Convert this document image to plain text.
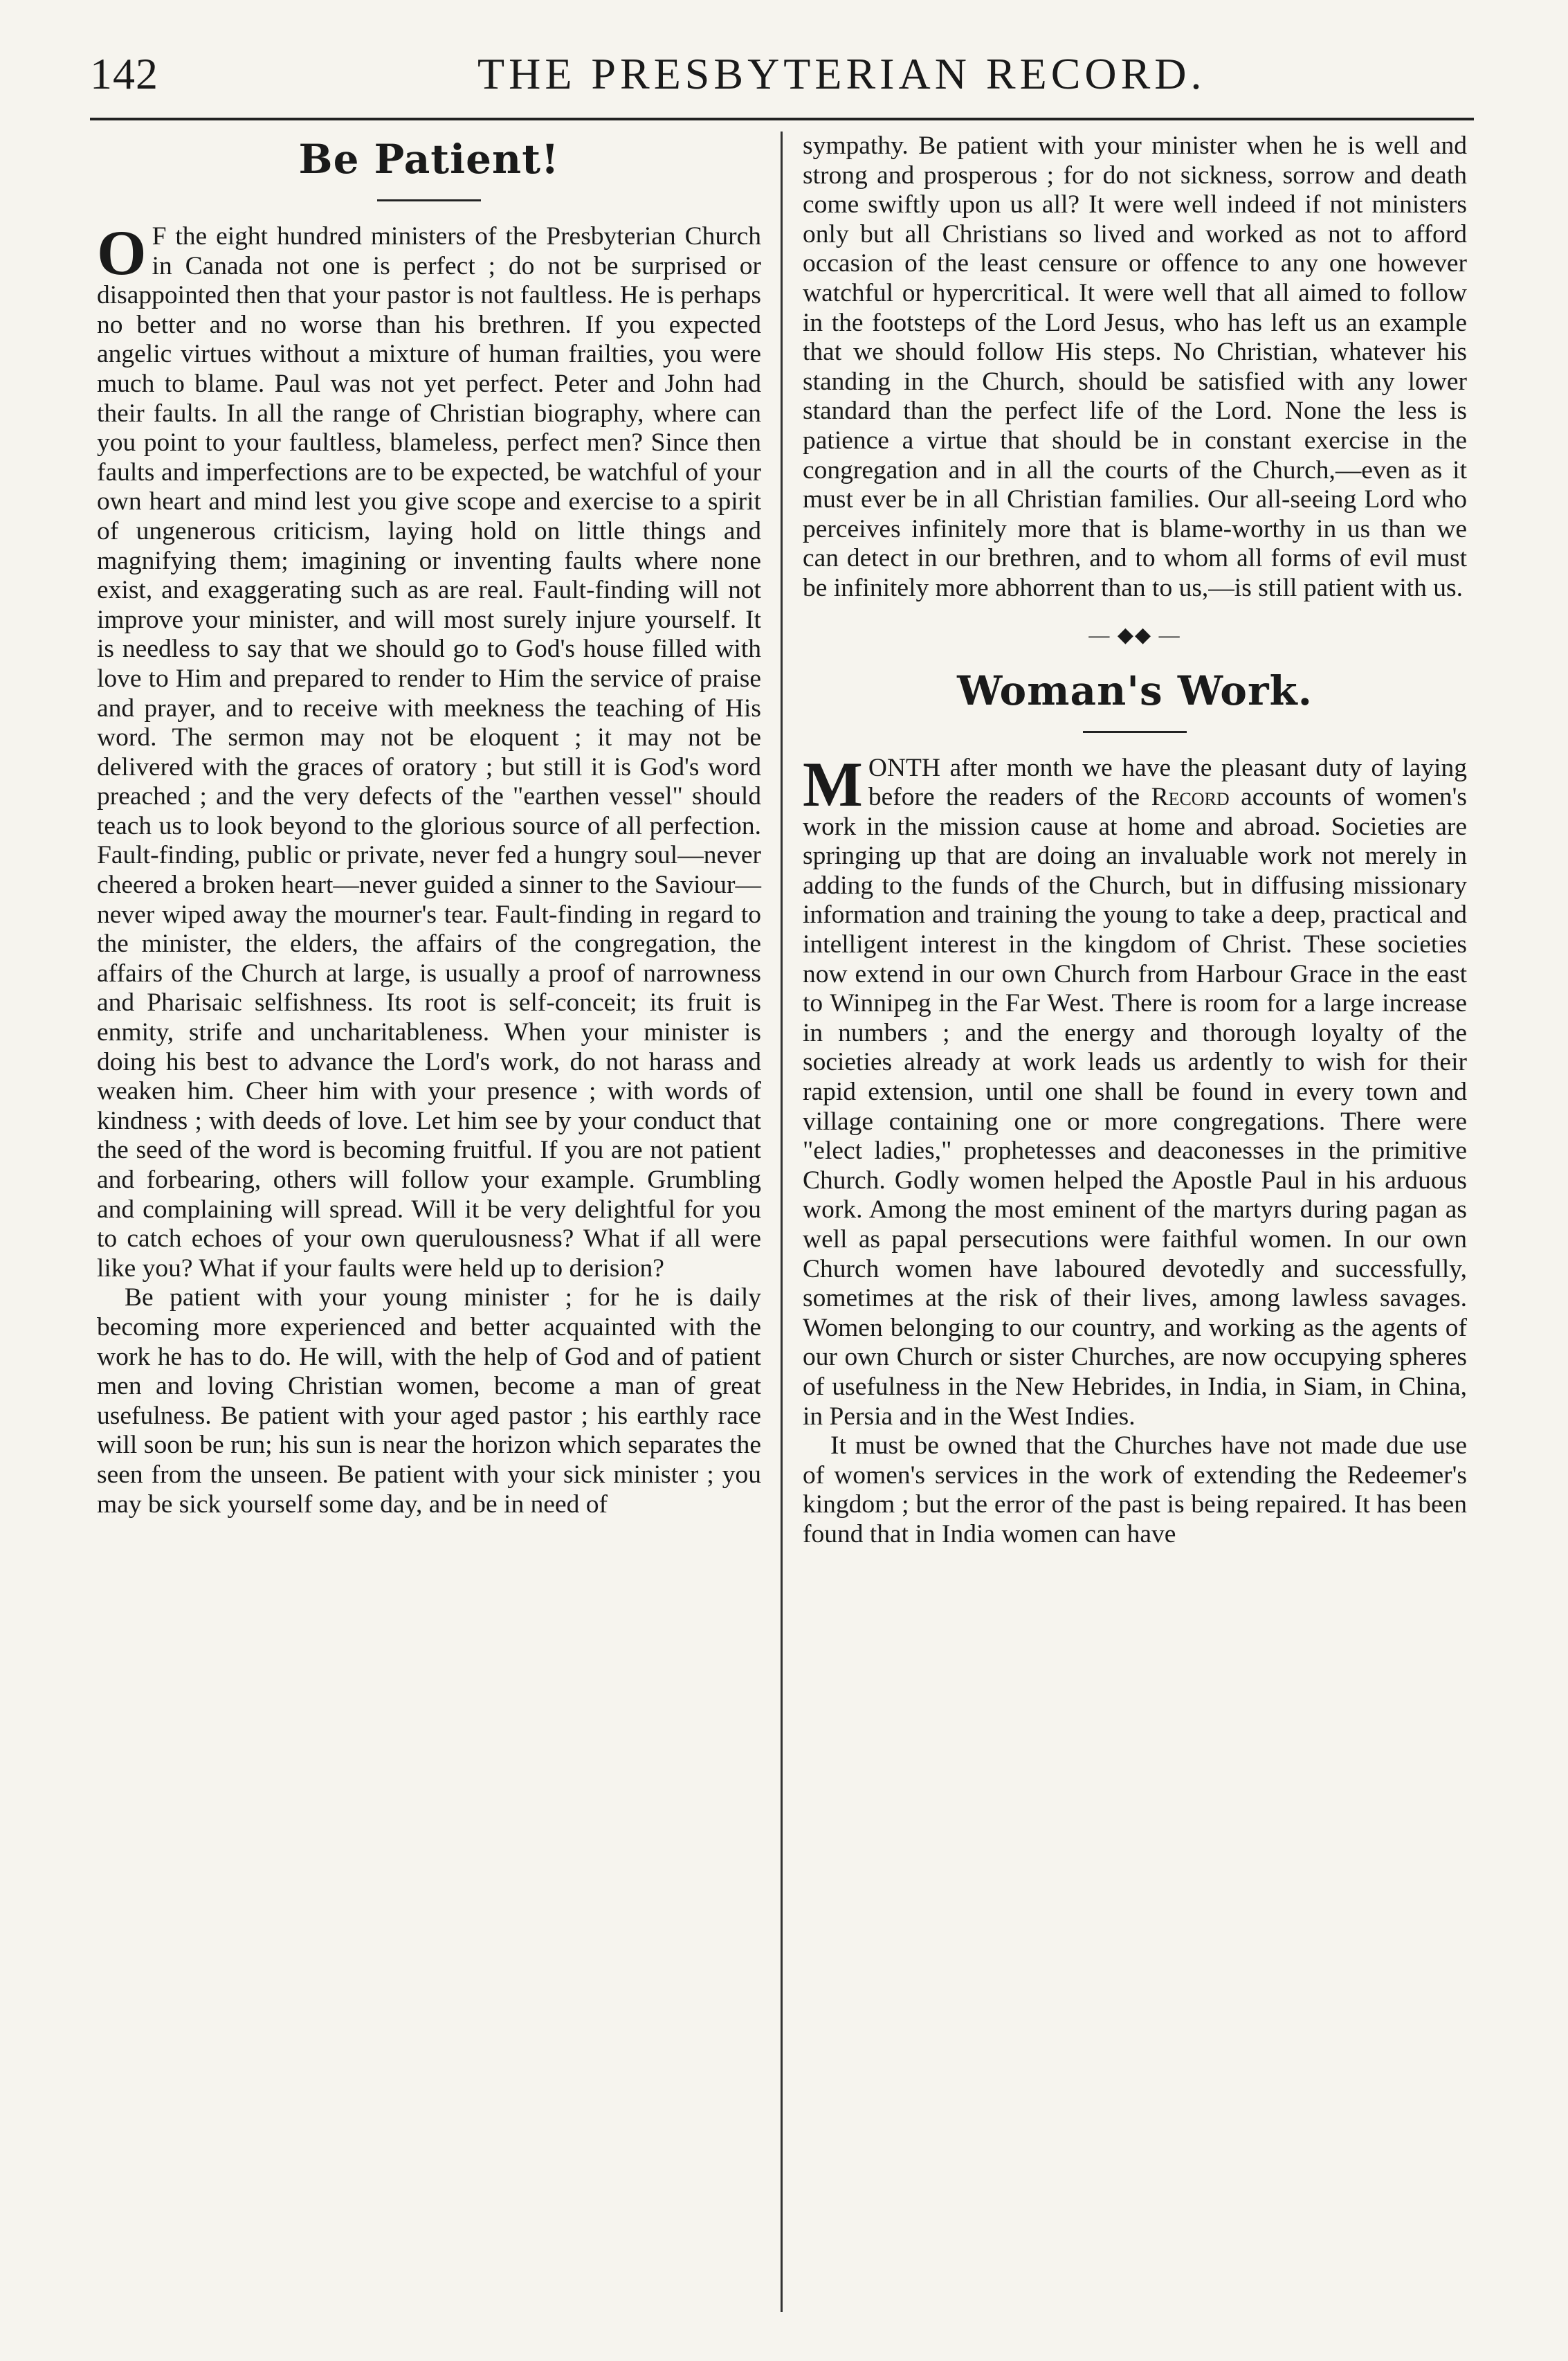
142	THE PRESBYTERIAN RECORD.
Be Patient!

O F the eight hundred ministers of the Presbyterian Church in Canada not one is perfect ; do not be surprised or disappointed then that your pastor is not faultless. He is perhaps no better and no worse than his brethren. If you expected angelic virtues without a mixture of human frailties, you were much to blame. Paul was not yet perfect. Peter and John had their faults. In all the range of Christian biography, where can you point to your faultless, blameless, perfect men? Since then faults and imperfections are to be expected, be watchful of your own heart and mind lest you give scope and exercise to a spirit of ungenerous criticism, laying hold on little things and magnifying them; imagining or inventing faults where none exist, and exaggerating such as are real. Fault-finding will not improve your minister, and will most surely injure yourself. It is needless to say that we should go to God's house filled with love to Him and prepared to render to Him the service of praise and prayer, and to receive with meekness the teaching of His word. The sermon may not be eloquent ; it may not be delivered with the graces of oratory ; but still it is God's word preached ; and the very defects of the "earthen vessel" should teach us to look beyond to the glorious source of all perfection. Fault-finding, public or private, never fed a hungry soul—never cheered a broken heart—never guided a sinner to the Saviour—never wiped away the mourner's tear. Fault-finding in regard to the minister, the elders, the affairs of the congregation, the affairs of the Church at large, is usually a proof of narrowness and Pharisaic selfishness. Its root is self-conceit; its fruit is enmity, strife and uncharitableness. When your minister is doing his best to advance the Lord's work, do not harass and weaken him. Cheer him with your presence ; with words of kindness ; with deeds of love. Let him see by your conduct that the seed of the word is becoming fruitful. If you are not patient and forbearing, others will follow your example. Grumbling and complaining will spread. Will it be very delightful for you to catch echoes of your own querulousness? What if all were like you? What if your faults were held up to derision?

Be patient with your young minister ; for he is daily becoming more experienced and better acquainted with the work he has to do. He will, with the help of God and of patient men and loving Christian women, become a man of great usefulness. Be patient with your aged pastor ; his earthly race will soon be run; his sun is near the horizon which separates the seen from the unseen. Be patient with your sick minister ; you may be sick yourself some day, and be in need of

sympathy. Be patient with your minister when he is well and strong and prosperous ; for do not sickness, sorrow and death come swiftly upon us all? It were well indeed if not ministers only but all Christians so lived and worked as not to afford occasion of the least censure or offence to any one however watchful or hypercritical. It were well that all aimed to follow in the footsteps of the Lord Jesus, who has left us an example that we should follow His steps. No Christian, whatever his standing in the Church, should be satisfied with any lower standard than the perfect life of the Lord. None the less is patience a virtue that should be in constant exercise in the congregation and in all the courts of the Church,—even as it must ever be in all Christian families. Our all-seeing Lord who perceives infinitely more that is blame-worthy in us than we can detect in our brethren, and to whom all forms of evil must be infinitely more abhorrent than to us,—is still patient with us.

— ◆◆ —
Woman's Work.

MONTH after month we have the pleasant duty of laying before the readers of the Record accounts of women's work in the mission cause at home and abroad. Societies are springing up that are doing an invaluable work not merely in adding to the funds of the Church, but in diffusing missionary information and training the young to take a deep, practical and intelligent interest in the kingdom of Christ. These societies now extend in our own Church from Harbour Grace in the east to Winnipeg in the Far West. There is room for a large increase in numbers ; and the energy and thorough loyalty of the societies already at work leads us ardently to wish for their rapid extension, until one shall be found in every town and village containing one or more congregations. There were "elect ladies," prophetesses and deaconesses in the primitive Church. Godly women helped the Apostle Paul in his arduous work. Among the most eminent of the martyrs during pagan as well as papal persecutions were faithful women. In our own Church women have laboured devotedly and successfully, sometimes at the risk of their lives, among lawless savages. Women belonging to our country, and working as the agents of our own Church or sister Churches, are now occupying spheres of usefulness in the New Hebrides, in India, in Siam, in China, in Persia and in the West Indies.

It must be owned that the Churches have not made due use of women's services in the work of extending the Redeemer's kingdom ; but the error of the past is being repaired. It has been found that in India women can have
